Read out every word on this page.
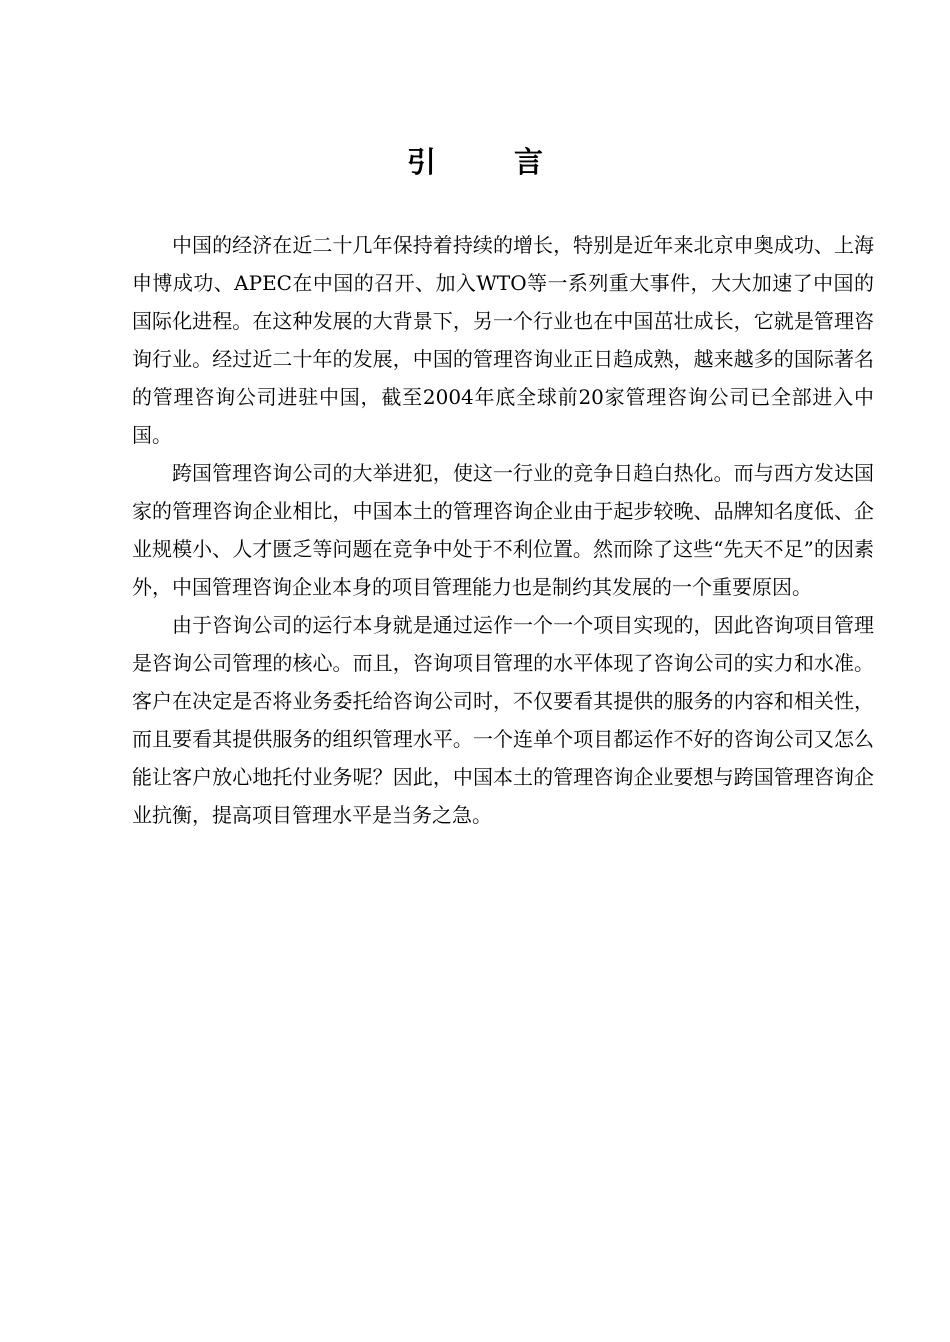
引 言

中国的经济在近二十几年保持着持续的增长，特别是近年来北京申奥成功、上海申博成功、APEC在中国的召开、加入WTO等一系列重大事件，大大加速了中国的国际化进程。在这种发展的大背景下，另一个行业也在中国茁壮成长，它就是管理咨询行业。经过近二十年的发展，中国的管理咨询业正日趋成熟，越来越多的国际著名的管理咨询公司进驻中国，截至2004年底全球前20家管理咨询公司已全部进入中国。

跨国管理咨询公司的大举进犯，使这一行业的竞争日趋白热化。而与西方发达国家的管理咨询企业相比，中国本土的管理咨询企业由于起步较晚、品牌知名度低、企业规模小、人才匮乏等问题在竞争中处于不利位置。然而除了这些“先天不足”的因素外，中国管理咨询企业本身的项目管理能力也是制约其发展的一个重要原因。

由于咨询公司的运行本身就是通过运作一个一个项目实现的，因此咨询项目管理是咨询公司管理的核心。而且，咨询项目管理的水平体现了咨询公司的实力和水准。客户在决定是否将业务委托给咨询公司时，不仅要看其提供的服务的内容和相关性，而且要看其提供服务的组织管理水平。一个连单个项目都运作不好的咨询公司又怎么能让客户放心地托付业务呢？因此，中国本土的管理咨询企业要想与跨国管理咨询企业抗衡，提高项目管理水平是当务之急。
